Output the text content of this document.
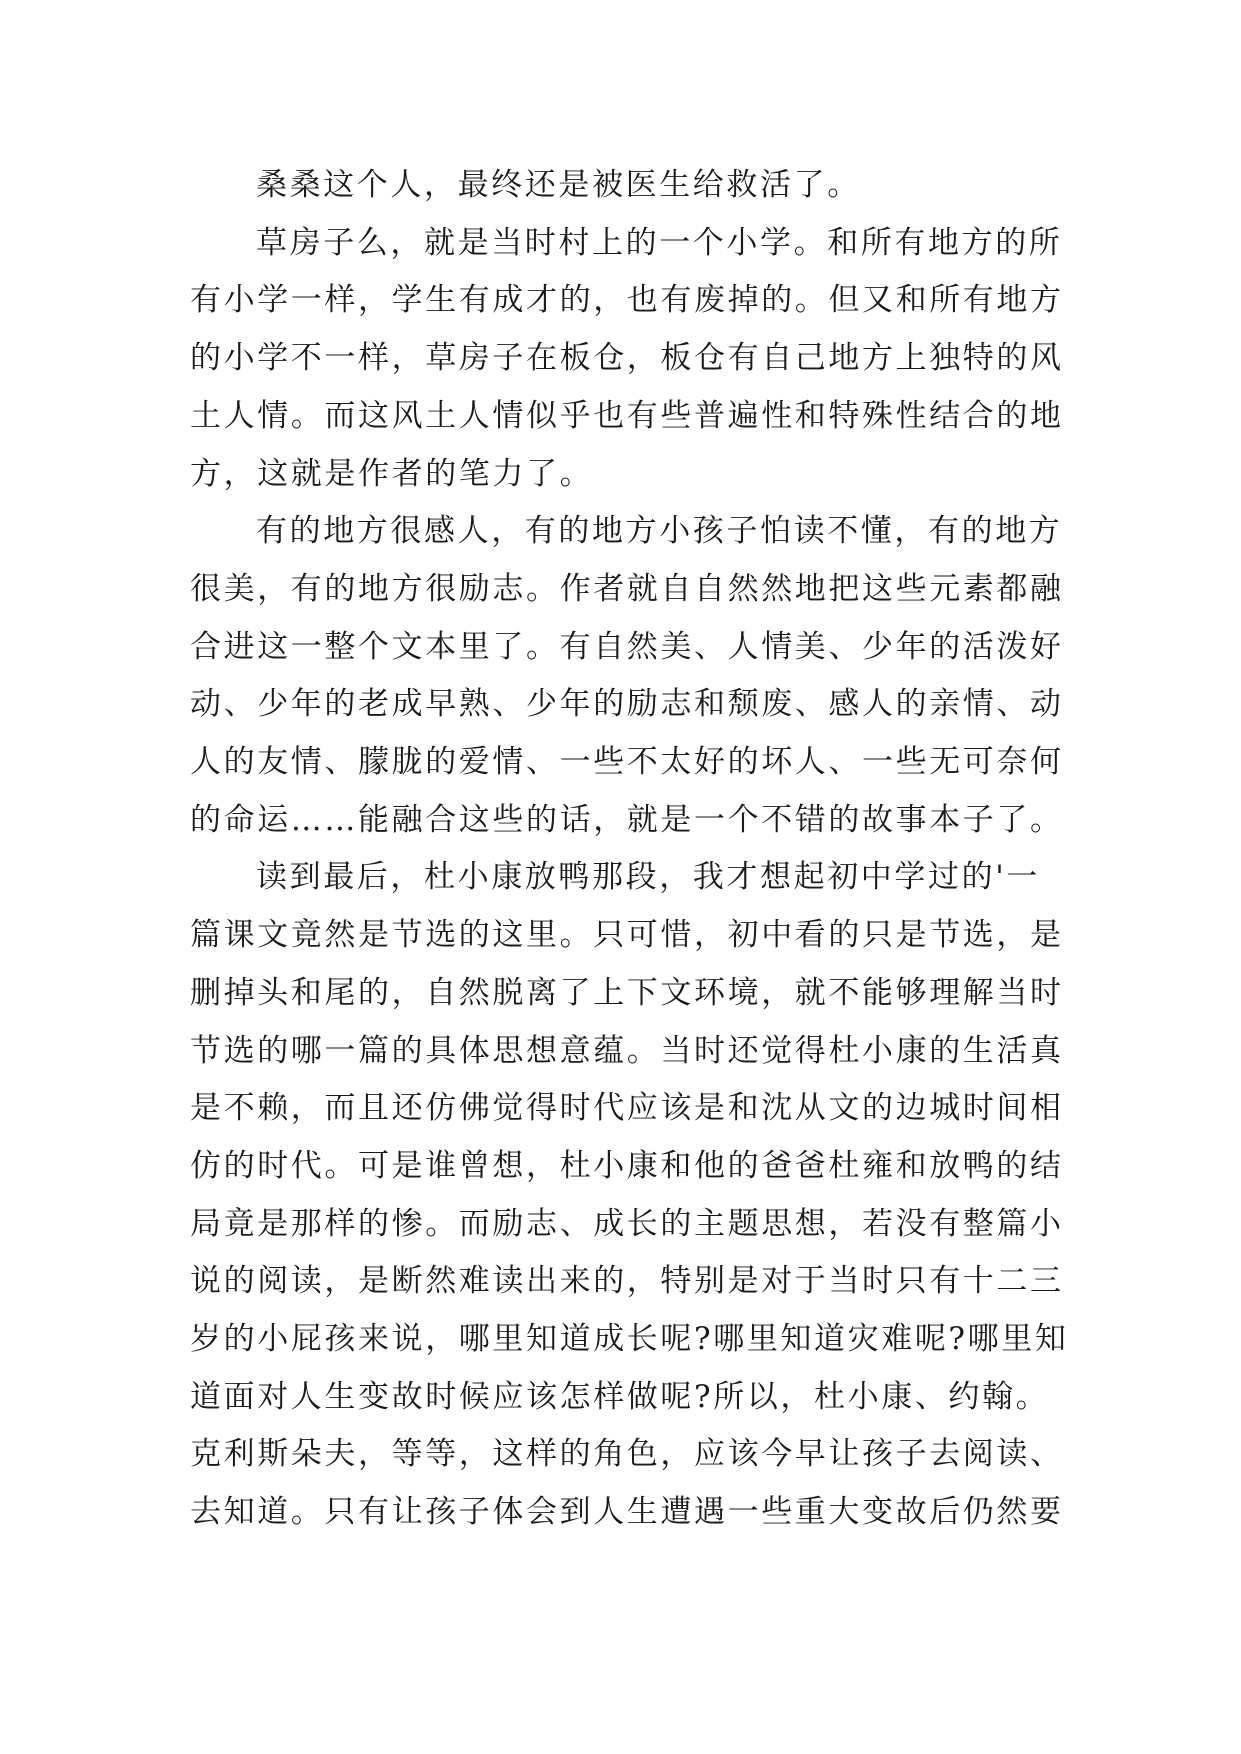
桑桑这个人，最终还是被医生给救活了。

草房子么，就是当时村上的一个小学。和所有地方的所有小学一样，学生有成才的，也有废掉的。但又和所有地方的小学不一样，草房子在板仓，板仓有自己地方上独特的风土人情。而这风土人情似乎也有些普遍性和特殊性结合的地方，这就是作者的笔力了。

有的地方很感人，有的地方小孩子怕读不懂，有的地方很美，有的地方很励志。作者就自自然然地把这些元素都融合进这一整个文本里了。有自然美、人情美、少年的活泼好动、少年的老成早熟、少年的励志和颓废、感人的亲情、动人的友情、朦胧的爱情、一些不太好的坏人、一些无可奈何的命运……能融合这些的话，就是一个不错的故事本子了。

读到最后，杜小康放鸭那段，我才想起初中学过的'一篇课文竟然是节选的这里。只可惜，初中看的只是节选，是删掉头和尾的，自然脱离了上下文环境，就不能够理解当时节选的哪一篇的具体思想意蕴。当时还觉得杜小康的生活真是不赖，而且还仿佛觉得时代应该是和沈从文的边城时间相仿的时代。可是谁曾想，杜小康和他的爸爸杜雍和放鸭的结局竟是那样的惨。而励志、成长的主题思想，若没有整篇小说的阅读，是断然难读出来的，特别是对于当时只有十二三岁的小屁孩来说，哪里知道成长呢?哪里知道灾难呢?哪里知道面对人生变故时候应该怎样做呢?所以，杜小康、约翰。克利斯朵夫，等等，这样的角色，应该今早让孩子去阅读、去知道。只有让孩子体会到人生遭遇一些重大变故后仍然要
